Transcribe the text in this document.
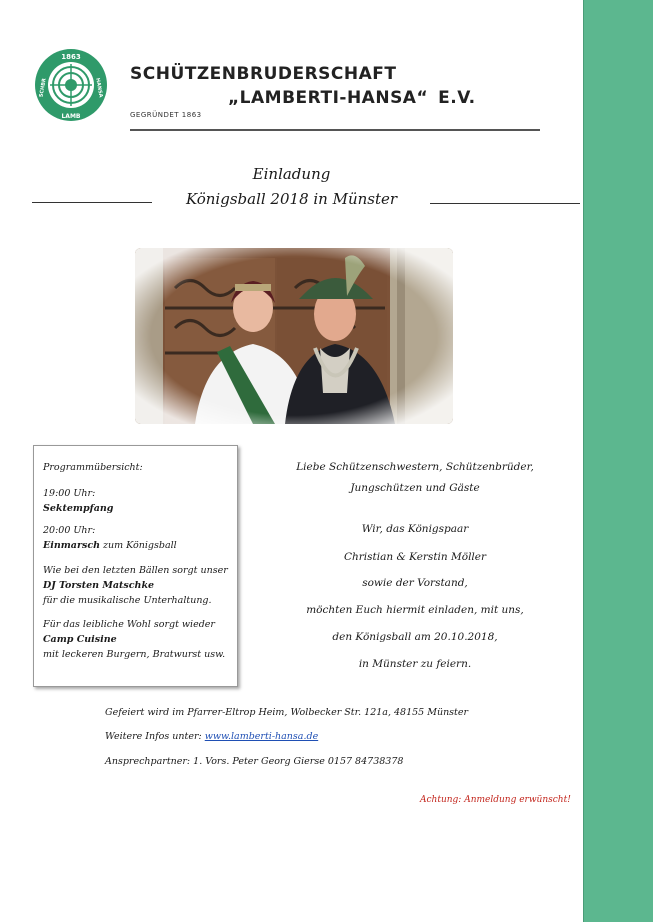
1863
SCHBR
LAMB
HANSA
SCHÜTZENBRUDERSCHAFT
„LAMBERTI-HANSA“ E.V.
GEGRÜNDET 1863
Einladung
Königsball 2018 in Münster

Programmübersicht:

19:00 Uhr:

Sektempfang

20:00 Uhr:

Einmarsch zum Königsball

Wie bei den letzten Bällen sorgt unser

DJ Torsten Matschke

für die musikalische Unterhaltung.

Für das leibliche Wohl sorgt wieder

Camp Cuisine

mit leckeren Burgern, Bratwurst usw.

Liebe Schützenschwestern, Schützenbrüder,
Jungschützen und Gäste
Wir, das Königspaar
Christian & Kerstin Möller
sowie der Vorstand,
möchten Euch hiermit einladen, mit uns,
den Königsball am 20.10.2018,
in Münster zu feiern.
Gefeiert wird im Pfarrer-Eltrop Heim, Wolbecker Str. 121a, 48155 Münster
Weitere Infos unter: www.lamberti-hansa.de
Ansprechpartner: 1. Vors. Peter Georg Gierse 0157 84738378
Achtung: Anmeldung erwünscht!
